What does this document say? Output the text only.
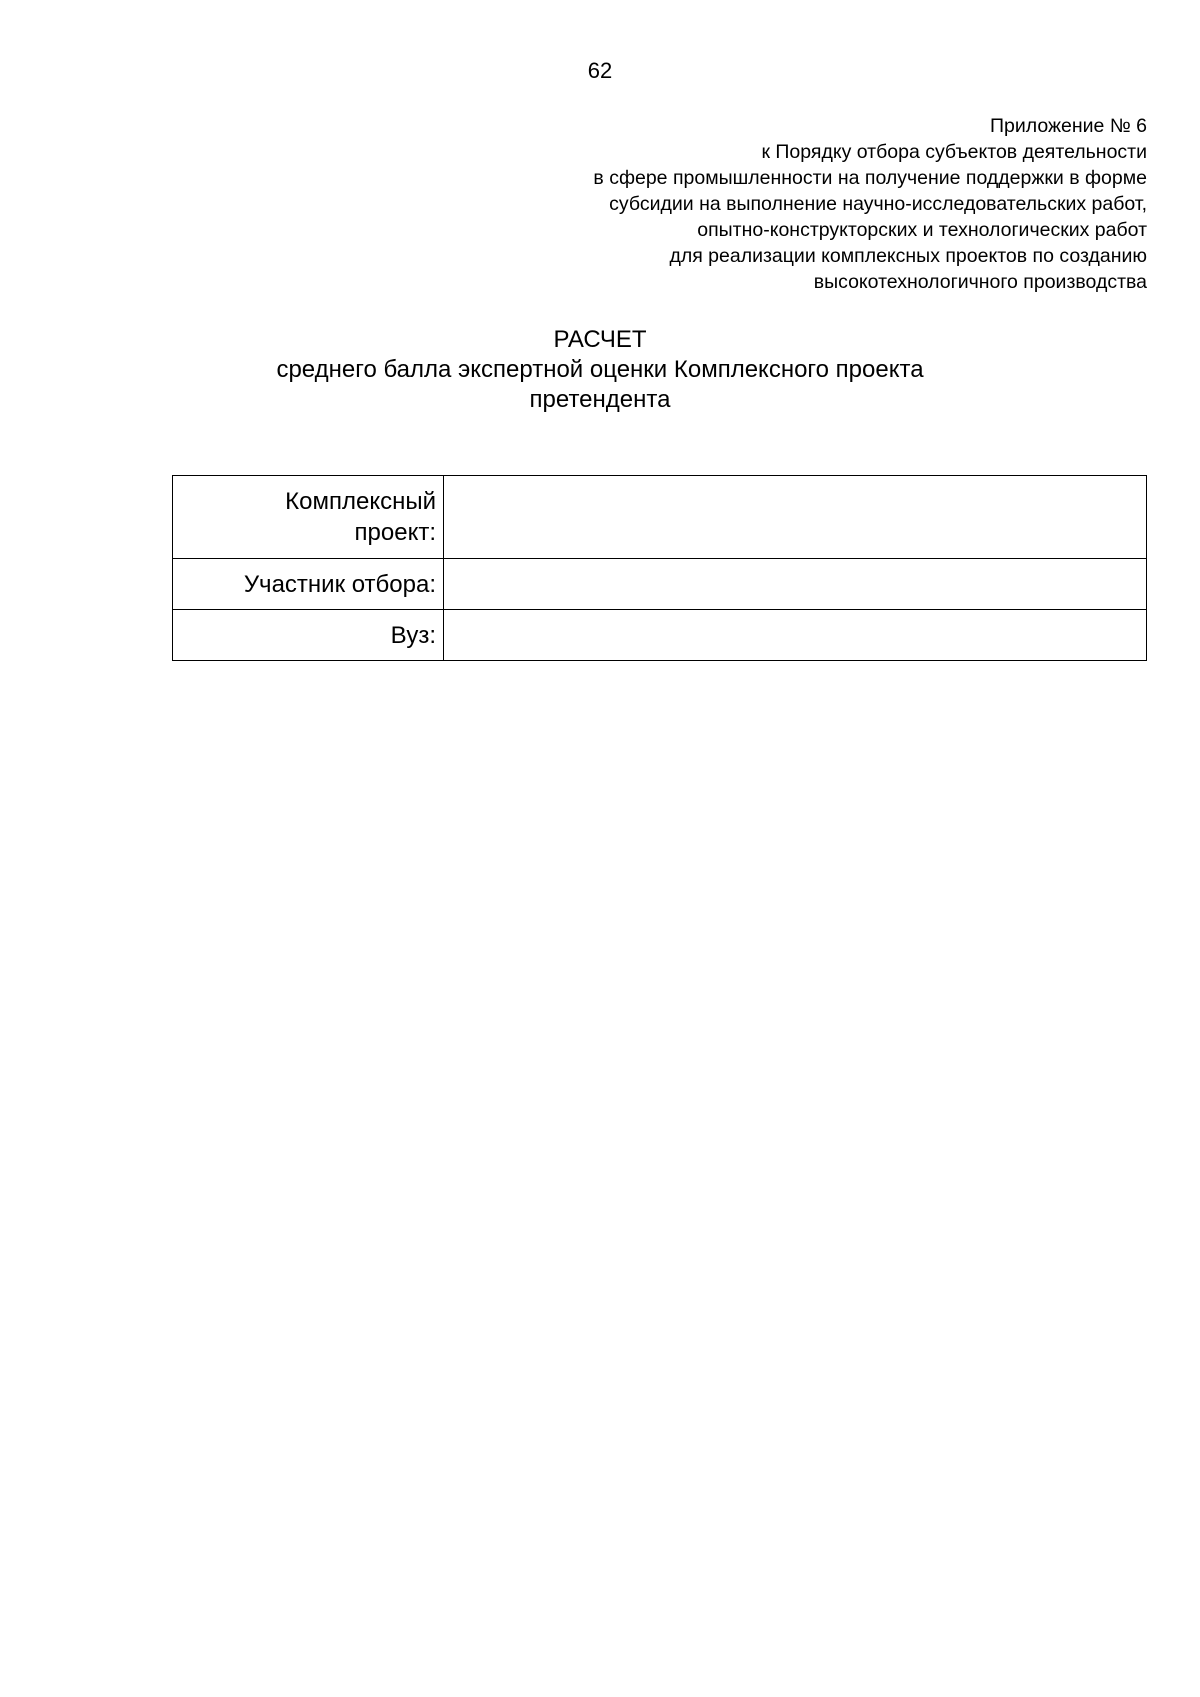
62
Приложение № 6
к Порядку отбора субъектов деятельности
в сфере промышленности на получение поддержки в форме
субсидии на выполнение научно-исследовательских работ,
опытно-конструкторских и технологических работ
для реализации комплексных проектов по созданию
высокотехнологичного производства
РАСЧЕТ
среднего балла экспертной оценки Комплексного проекта
претендента
Комплексный
проект:	

Участник отбора:	
Вуз:	
